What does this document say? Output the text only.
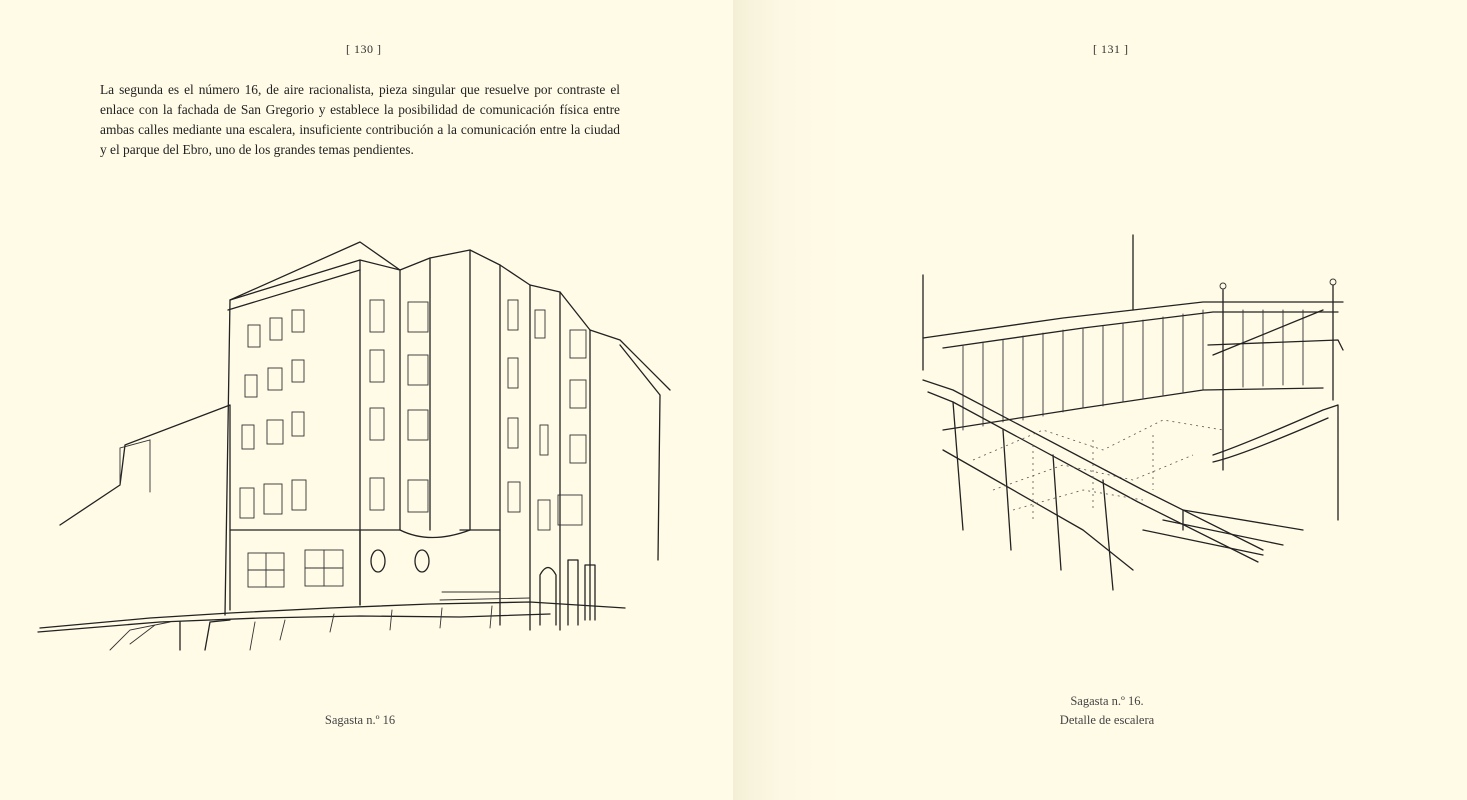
[ 130 ]
La segunda es el número 16, de aire racionalista, pieza singular que resuelve por contraste el enlace con la fachada de San Gregorio y establece la posibilidad de comunicación física entre ambas calles mediante una escalera, insuficiente contribución a la comunicación entre la ciudad y el parque del Ebro, uno de los grandes temas pendientes.
Sagasta n.º 16
[ 131 ]
Sagasta n.º 16.
Detalle de escalera
